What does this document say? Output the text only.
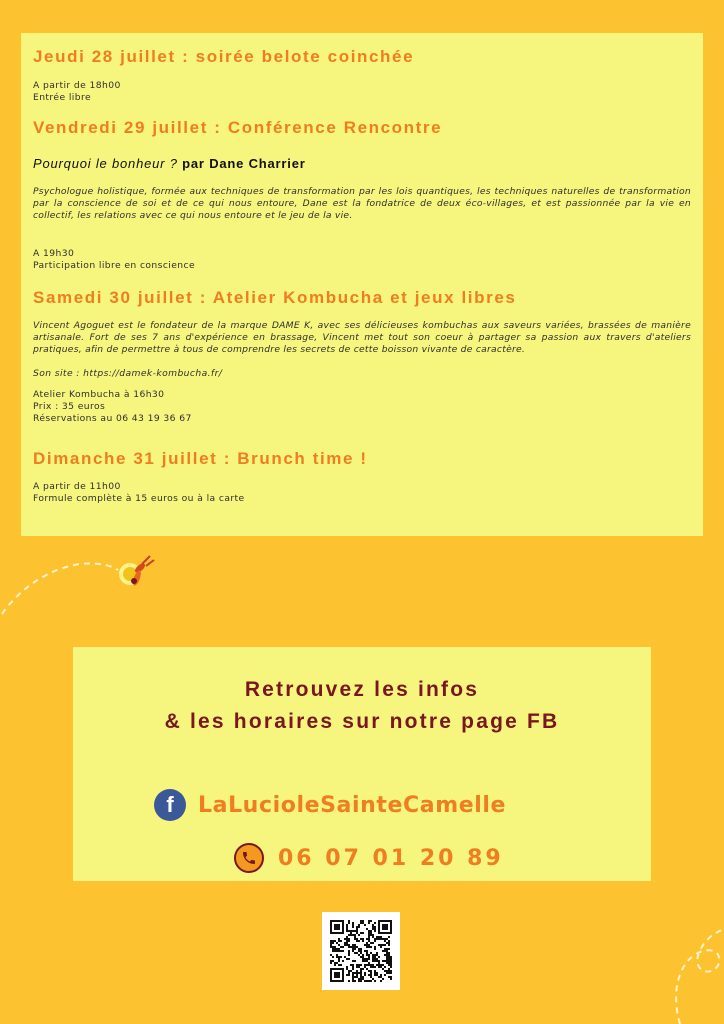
Jeudi 28 juillet : soirée belote coinchée
A partir de 18h00
Entrée libre
Vendredi 29 juillet : Conférence Rencontre
Pourquoi le bonheur ? par Dane Charrier

Psychologue holistique, formée aux techniques de transformation par les lois quantiques, les techniques naturelles de transformation par la conscience de soi et de ce qui nous entoure, Dane est la fondatrice de deux éco-villages, et est passionnée par la vie en collectif, les relations avec ce qui nous entoure et le jeu de la vie.

A 19h30
Participation libre en conscience
Samedi 30 juillet : Atelier Kombucha et jeux libres

Vincent Agoguet est le fondateur de la marque DAME K, avec ses délicieuses kombuchas aux saveurs variées, brassées de manière artisanale. Fort de ses 7 ans d'expérience en brassage, Vincent met tout son coeur à partager sa passion aux travers d'ateliers pratiques, afin de permettre à tous de comprendre les secrets de cette boisson vivante de caractère.

Son site : https://damek-kombucha.fr/
Atelier Kombucha à 16h30
Prix : 35 euros
Réservations au 06 43 19 36 67
Dimanche 31 juillet : Brunch time !
A partir de 11h00
Formule complète à 15 euros ou à la carte
Retrouvez les infos
& les horaires sur notre page FB
f	LaLucioleSainteCamelle
06 07 01 20 89
